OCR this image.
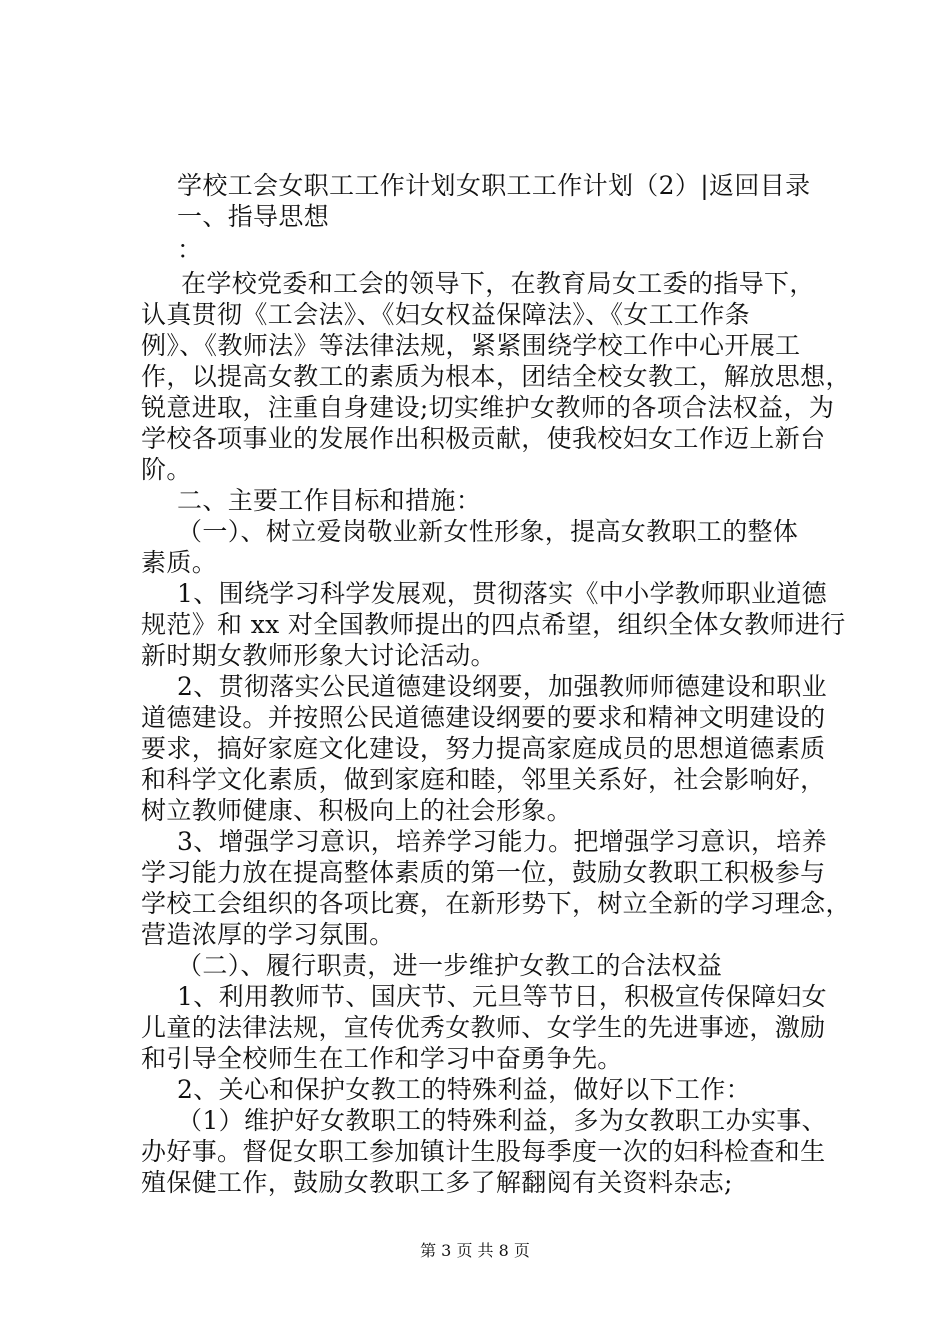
学校工会女职工工作计划女职工工作计划（2）|返回目录
一、指导思想
：
在学校党委和工会的领导下，在教育局女工委的指导下，
认真贯彻《工会法》、《妇女权益保障法》、《女工工作条
例》、《教师法》等法律法规，紧紧围绕学校工作中心开展工
作，以提高女教工的素质为根本，团结全校女教工，解放思想，
锐意进取，注重自身建设;切实维护女教师的各项合法权益，为
学校各项事业的发展作出积极贡献，使我校妇女工作迈上新台
阶。
二、主要工作目标和措施：
（一）、树立爱岗敬业新女性形象，提高女教职工的整体
素质。
1、围绕学习科学发展观，贯彻落实《中小学教师职业道德
规范》和 xx 对全国教师提出的四点希望，组织全体女教师进行
新时期女教师形象大讨论活动。
2、贯彻落实公民道德建设纲要，加强教师师德建设和职业
道德建设。并按照公民道德建设纲要的要求和精神文明建设的
要求，搞好家庭文化建设，努力提高家庭成员的思想道德素质
和科学文化素质，做到家庭和睦，邻里关系好，社会影响好，
树立教师健康、积极向上的社会形象。
3、增强学习意识，培养学习能力。把增强学习意识，培养
学习能力放在提高整体素质的第一位，鼓励女教职工积极参与
学校工会组织的各项比赛，在新形势下，树立全新的学习理念，
营造浓厚的学习氛围。
（二）、履行职责，进一步维护女教工的合法权益
1、利用教师节、国庆节、元旦等节日，积极宣传保障妇女
儿童的法律法规，宣传优秀女教师、女学生的先进事迹，激励
和引导全校师生在工作和学习中奋勇争先。
2、关心和保护女教工的特殊利益，做好以下工作：
（1）维护好女教职工的特殊利益，多为女教职工办实事、
办好事。督促女职工参加镇计生股每季度一次的妇科检查和生
殖保健工作，鼓励女教职工多了解翻阅有关资料杂志;
第 3 页 共 8 页
